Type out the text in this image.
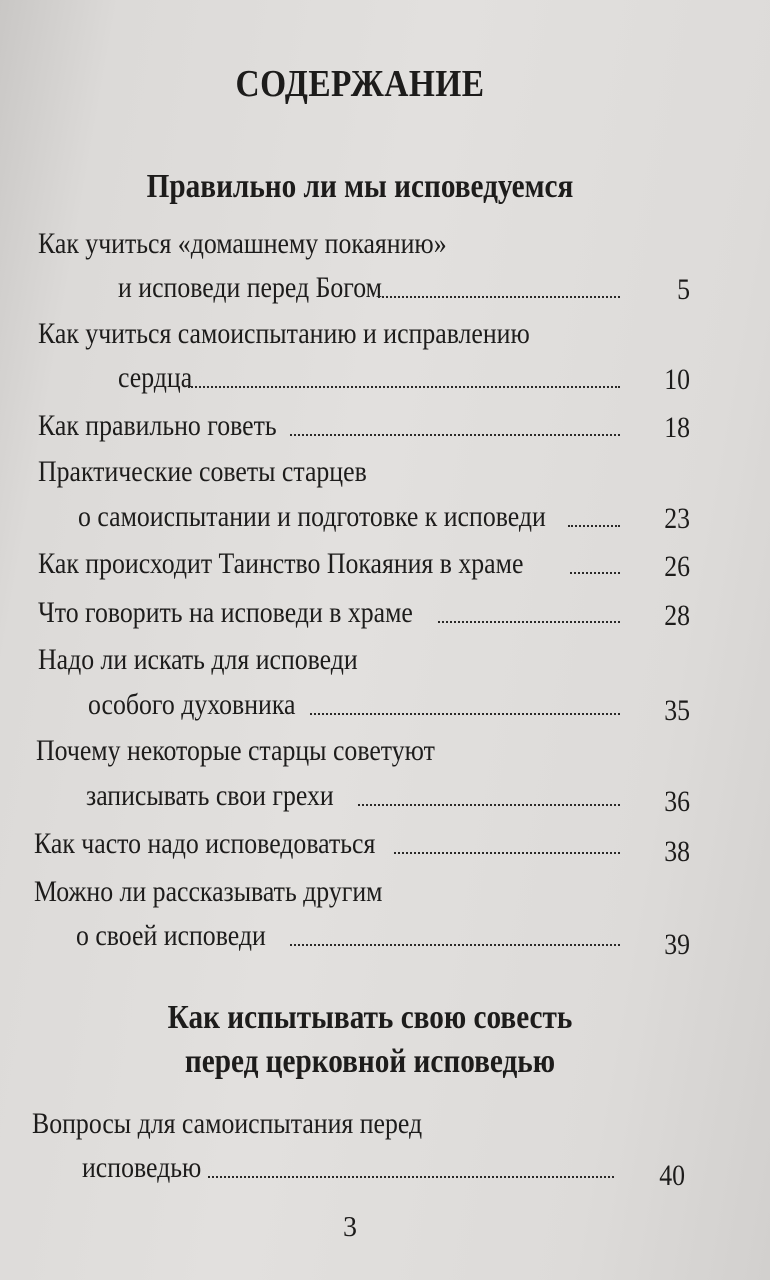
СОДЕРЖАНИЕ
Правильно ли мы исповедуемся
Как учиться «домашнему покаянию»
и исповеди перед Богом	5
Как учиться самоиспытанию и исправлению
сердца	10
Как правильно говеть	18
Практические советы старцев
о самоиспытании и подготовке к исповеди	23
Как происходит Таинство Покаяния в храме	26
Что говорить на исповеди в храме	28
Надо ли искать для исповеди
особого духовника	35
Почему некоторые старцы советуют
записывать свои грехи	36
Как часто надо исповедоваться	38
Можно ли рассказывать другим
о своей исповеди	39
Как испытывать свою совесть
перед церковной исповедью
Вопросы для самоиспытания перед
исповедью	40
3
